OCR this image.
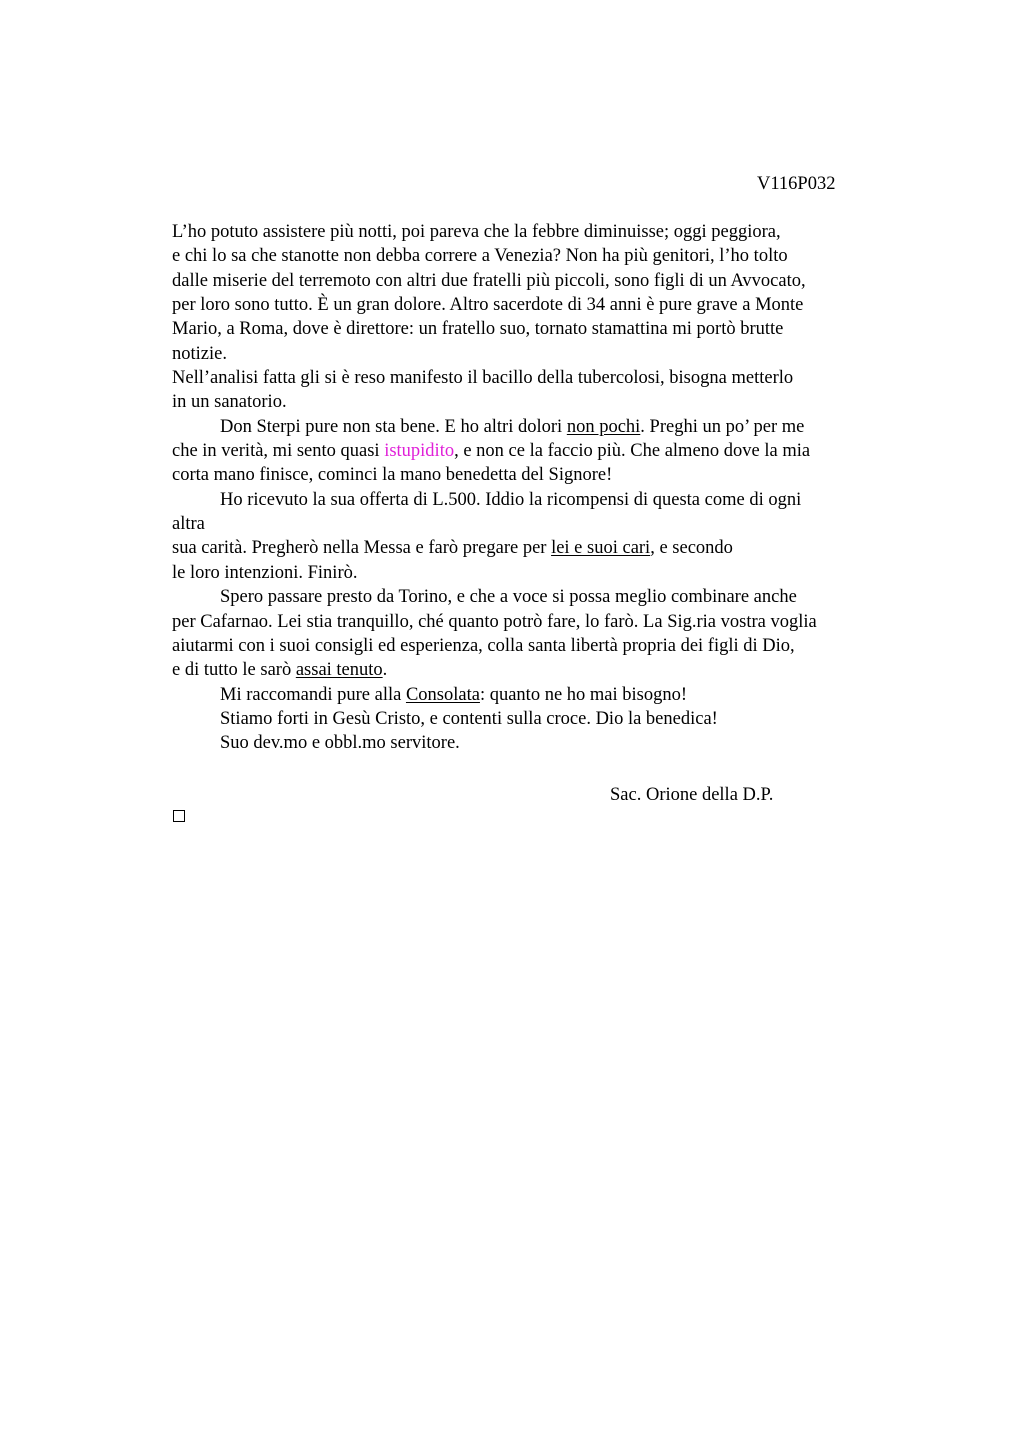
V116P032
L’ho potuto assistere più notti, poi pareva che la febbre diminuisse; oggi peggiora,
e chi lo sa che stanotte non debba correre a Venezia? Non ha più genitori, l’ho tolto
dalle miserie del terremoto con altri due fratelli più piccoli, sono figli di un Avvocato,
per loro sono tutto. È un gran dolore. Altro sacerdote di 34 anni è pure grave a Monte
Mario, a Roma, dove è direttore: un fratello suo, tornato stamattina mi portò brutte
notizie.
Nell’analisi fatta gli si è reso manifesto il bacillo della tubercolosi, bisogna metterlo
in un sanatorio.
Don Sterpi pure non sta bene. E ho altri dolori non pochi. Preghi un po’ per me
che in verità, mi sento quasi istupidito, e non ce la faccio più. Che almeno dove la mia
corta mano finisce, cominci la mano benedetta del Signore!
Ho ricevuto la sua offerta di L.500. Iddio la ricompensi di questa come di ogni
altra
sua carità. Pregherò nella Messa e farò pregare per lei e suoi cari, e secondo
le loro intenzioni. Finirò.
Spero passare presto da Torino, e che a voce si possa meglio combinare anche
per Cafarnao. Lei stia tranquillo, ché quanto potrò fare, lo farò. La Sig.ria vostra voglia
aiutarmi con i suoi consigli ed esperienza, colla santa libertà propria dei figli di Dio,
e di tutto le sarò assai tenuto.
Mi raccomandi pure alla Consolata: quanto ne ho mai bisogno!
Stiamo forti in Gesù Cristo, e contenti sulla croce. Dio la benedica!
Suo dev.mo e obbl.mo servitore.
Sac. Orione della D.P.
